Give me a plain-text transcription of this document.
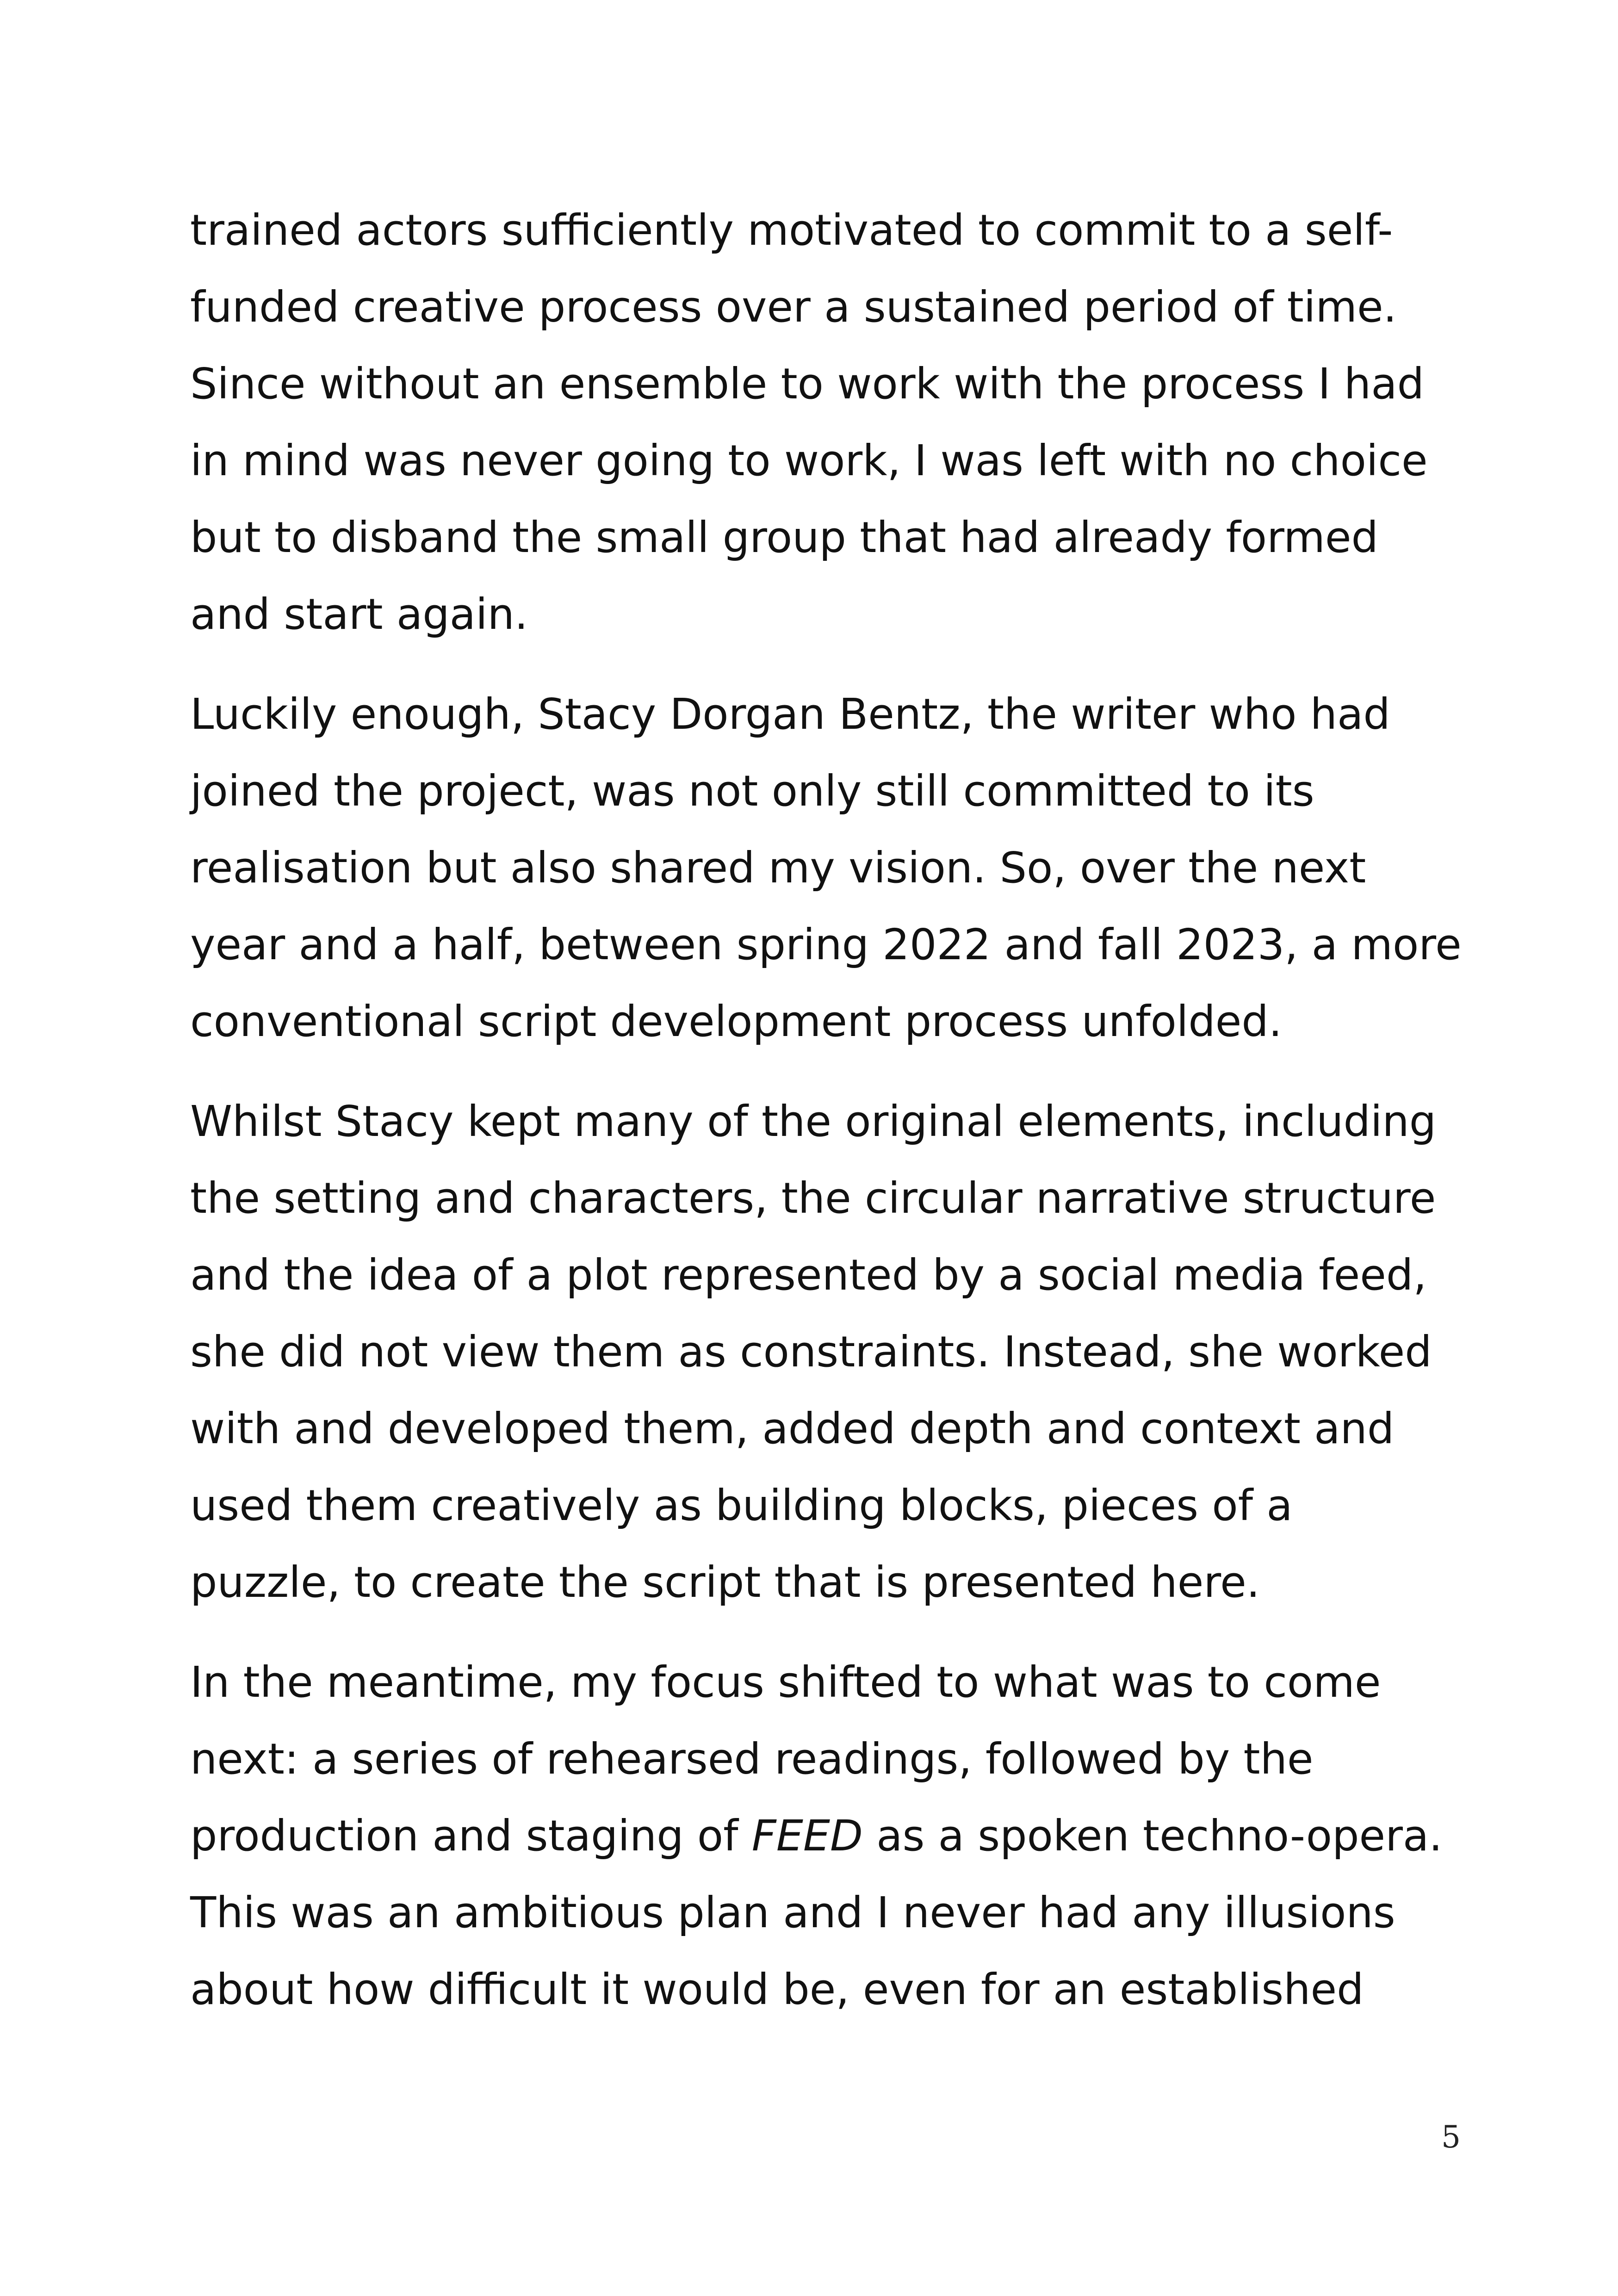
trained actors sufficiently motivated to commit to a self-
funded creative process over a sustained period of time.
Since without an ensemble to work with the process I had
in mind was never going to work, I was left with no choice
but to disband the small group that had already formed
and start again.

Luckily enough, Stacy Dorgan Bentz, the writer who had
joined the project, was not only still committed to its
realisation but also shared my vision. So, over the next
year and a half, between spring 2022 and fall 2023, a more
conventional script development process unfolded.

Whilst Stacy kept many of the original elements, including
the setting and characters, the circular narrative structure
and the idea of a plot represented by a social media feed,
she did not view them as constraints. Instead, she worked
with and developed them, added depth and context and
used them creatively as building blocks, pieces of a
puzzle, to create the script that is presented here.

In the meantime, my focus shifted to what was to come
next: a series of rehearsed readings, followed by the
production and staging of FEED as a spoken techno-opera.
This was an ambitious plan and I never had any illusions
about how difficult it would be, even for an established

5
